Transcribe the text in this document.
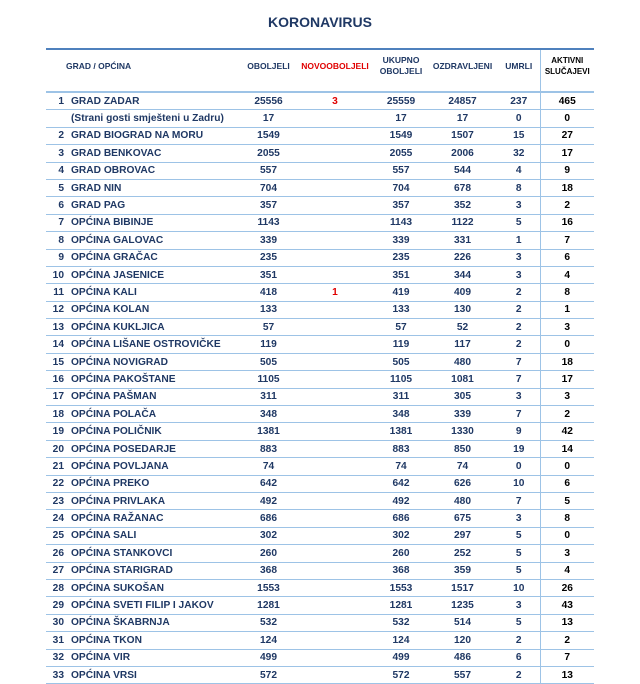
KORONAVIRUS
GRAD / OPĆINA		OBOLJELI	NOVOOBOLJELI	UKUPNO
OBOLJELI	OZDRAVLJENI	UMRLI	AKTIVNI
SLUČAJEVI

1	GRAD ZADAR	25556	3	25559	24857	237	465
	(Strani gosti smješteni u Zadru)	17		17	17	0	0
2	GRAD BIOGRAD NA MORU	1549		1549	1507	15	27
3	GRAD BENKOVAC	2055		2055	2006	32	17
4	GRAD OBROVAC	557		557	544	4	9
5	GRAD NIN	704		704	678	8	18
6	GRAD PAG	357		357	352	3	2
7	OPĆINA BIBINJE	1143		1143	1122	5	16
8	OPĆINA GALOVAC	339		339	331	1	7
9	OPĆINA GRAČAC	235		235	226	3	6
10	OPĆINA JASENICE	351		351	344	3	4
11	OPĆINA KALI	418	1	419	409	2	8
12	OPĆINA KOLAN	133		133	130	2	1
13	OPĆINA KUKLJICA	57		57	52	2	3
14	OPĆINA LIŠANE OSTROVIČKE	119		119	117	2	0
15	OPĆINA NOVIGRAD	505		505	480	7	18
16	OPĆINA PAKOŠTANE	1105		1105	1081	7	17
17	OPĆINA PAŠMAN	311		311	305	3	3
18	OPĆINA POLAČA	348		348	339	7	2
19	OPĆINA POLIČNIK	1381		1381	1330	9	42
20	OPĆINA POSEDARJE	883		883	850	19	14
21	OPĆINA POVLJANA	74		74	74	0	0
22	OPĆINA PREKO	642		642	626	10	6
23	OPĆINA PRIVLAKA	492		492	480	7	5
24	OPĆINA RAŽANAC	686		686	675	3	8
25	OPĆINA SALI	302		302	297	5	0
26	OPĆINA STANKOVCI	260		260	252	5	3
27	OPĆINA STARIGRAD	368		368	359	5	4
28	OPĆINA SUKOŠAN	1553		1553	1517	10	26
29	OPĆINA SVETI FILIP I JAKOV	1281		1281	1235	3	43
30	OPĆINA ŠKABRNJA	532		532	514	5	13
31	OPĆINA TKON	124		124	120	2	2
32	OPĆINA VIR	499		499	486	6	7
33	OPĆINA VRSI	572		572	557	2	13
